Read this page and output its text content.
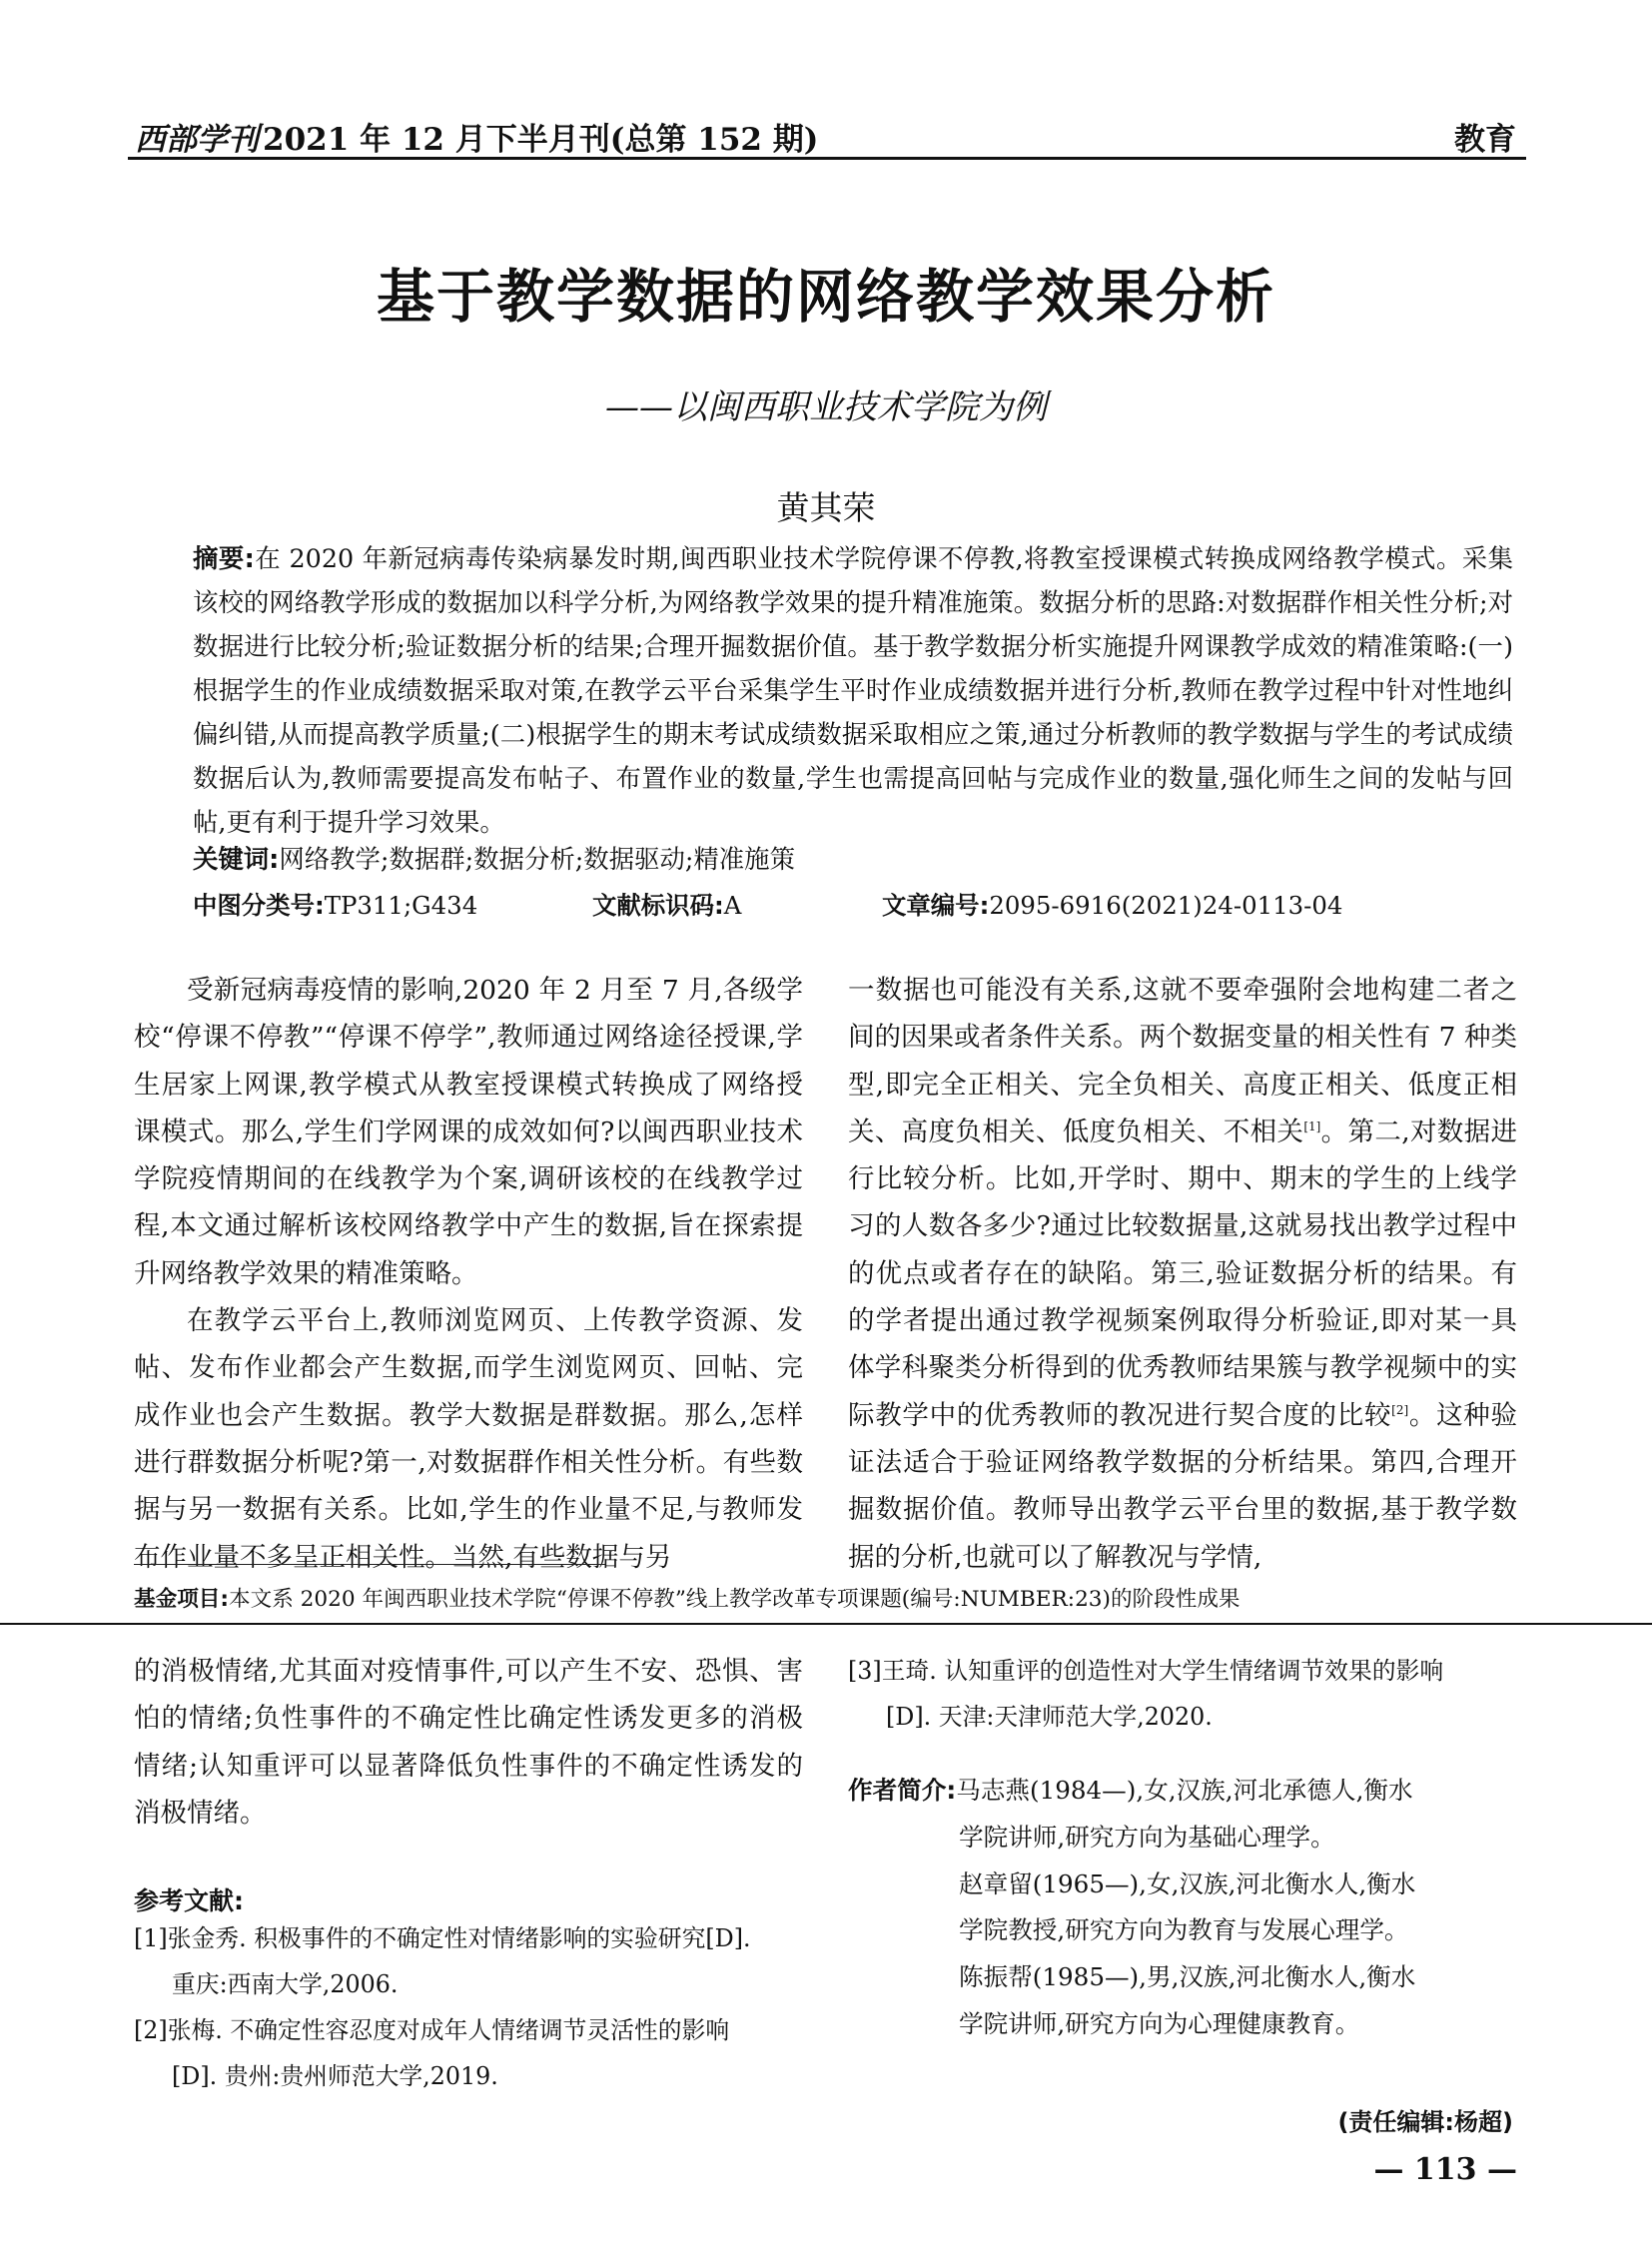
西部学刊 2021 年 12 月下半月刊(总第 152 期)	教育
基于教学数据的网络教学效果分析
——以闽西职业技术学院为例
黄其荣
摘要:在 2020 年新冠病毒传染病暴发时期,闽西职业技术学院停课不停教,将教室授课模式转换成网络教学模式。采集该校的网络教学形成的数据加以科学分析,为网络教学效果的提升精准施策。数据分析的思路:对数据群作相关性分析;对数据进行比较分析;验证数据分析的结果;合理开掘数据价值。基于教学数据分析实施提升网课教学成效的精准策略:(一)根据学生的作业成绩数据采取对策,在教学云平台采集学生平时作业成绩数据并进行分析,教师在教学过程中针对性地纠偏纠错,从而提高教学质量;(二)根据学生的期末考试成绩数据采取相应之策,通过分析教师的教学数据与学生的考试成绩数据后认为,教师需要提高发布帖子、布置作业的数量,学生也需提高回帖与完成作业的数量,强化师生之间的发帖与回帖,更有利于提升学习效果。
关键词:网络教学;数据群;数据分析;数据驱动;精准施策
中图分类号:TP311;G434	文献标识码:A	文章编号:2095-6916(2021)24-0113-04

受新冠病毒疫情的影响,2020 年 2 月至 7 月,各级学校“停课不停教”“停课不停学”,教师通过网络途径授课,学生居家上网课,教学模式从教室授课模式转换成了网络授课模式。那么,学生们学网课的成效如何?以闽西职业技术学院疫情期间的在线教学为个案,调研该校的在线教学过程,本文通过解析该校网络教学中产生的数据,旨在探索提升网络教学效果的精准策略。

在教学云平台上,教师浏览网页、上传教学资源、发帖、发布作业都会产生数据,而学生浏览网页、回帖、完成作业也会产生数据。教学大数据是群数据。那么,怎样进行群数据分析呢?第一,对数据群作相关性分析。有些数据与另一数据有关系。比如,学生的作业量不足,与教师发布作业量不多呈正相关性。当然,有些数据与另

一数据也可能没有关系,这就不要牵强附会地构建二者之间的因果或者条件关系。两个数据变量的相关性有 7 种类型,即完全正相关、完全负相关、高度正相关、低度正相关、高度负相关、低度负相关、不相关[1]。第二,对数据进行比较分析。比如,开学时、期中、期末的学生的上线学习的人数各多少?通过比较数据量,这就易找出教学过程中的优点或者存在的缺陷。第三,验证数据分析的结果。有的学者提出通过教学视频案例取得分析验证,即对某一具体学科聚类分析得到的优秀教师结果簇与教学视频中的实际教学中的优秀教师的教况进行契合度的比较[2]。这种验证法适合于验证网络教学数据的分析结果。第四,合理开掘数据价值。教师导出教学云平台里的数据,基于教学数据的分析,也就可以了解教况与学情,

基金项目:本文系 2020 年闽西职业技术学院“停课不停教”线上教学改革专项课题(编号:NUMBER:23)的阶段性成果
的消极情绪,尤其面对疫情事件,可以产生不安、恐惧、害怕的情绪;负性事件的不确定性比确定性诱发更多的消极情绪;认知重评可以显著降低负性事件的不确定性诱发的消极情绪。
参考文献:
[1]张金秀. 积极事件的不确定性对情绪影响的实验研究[D].
重庆:西南大学,2006.
[2]张梅. 不确定性容忍度对成年人情绪调节灵活性的影响
[D]. 贵州:贵州师范大学,2019.
[3]王琦. 认知重评的创造性对大学生情绪调节效果的影响
[D]. 天津:天津师范大学,2020.
作者简介:马志燕(1984—),女,汉族,河北承德人,衡水
学院讲师,研究方向为基础心理学。
赵章留(1965—),女,汉族,河北衡水人,衡水
学院教授,研究方向为教育与发展心理学。
陈振帮(1985—),男,汉族,河北衡水人,衡水
学院讲师,研究方向为心理健康教育。
(责任编辑:杨超)
— 113 —
